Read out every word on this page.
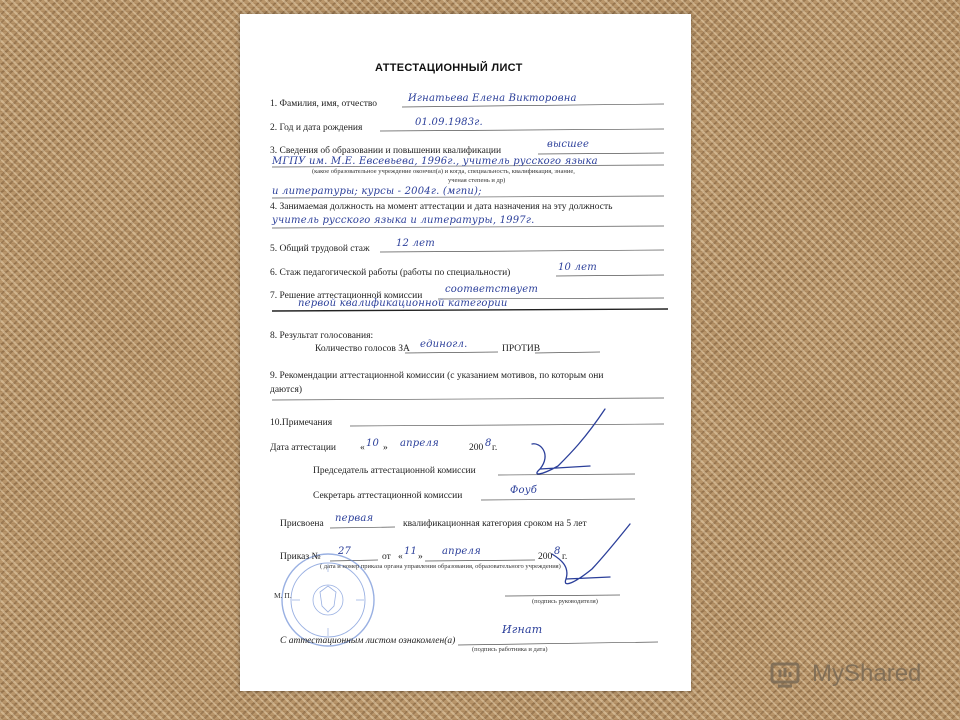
АТТЕСТАЦИОННЫЙ ЛИСТ
1. Фамилия, имя, отчество	Игнатьева Елена Викторовна
2. Год и дата рождения	01.09.1983г.
3. Сведения об образовании и повышении квалификации
высшее
МГПУ им. М.Е. Евсевьева, 1996г., учитель русского языка
(какое образовательное учреждение окончил(а) и когда, специальность, квалификация, знание,
ученая степень и др)
и литературы; курсы - 2004г. (мгпи);
4. Занимаемая должность на момент аттестации и дата назначения на эту должность
учитель русского языка и литературы, 1997г.
5. Общий трудовой стаж	12 лет
6. Стаж педагогической работы (работы по специальности)	10 лет
7. Решение аттестационной комиссии
соответствует
первой квалификационной категории
8. Результат голосования:
Количество голосов ЗА единогл.	ПРОТИВ
9. Рекомендации аттестационной комиссии (с указанием мотивов, по которым они
даются)
10.Примечания
Дата аттестации	« 10 » апреля	200 8 г.
Председатель аттестационной комиссии
Секретарь аттестационной комиссии	Фоуб
Присвоена первая	квалификационная категория сроком на 5 лет
Приказ № 27	от « 11 » апреля	200 8 г.
( дата и номер приказа органа управления образования, образовательного учреждения)
М. П.
(подпись руководителя)
С аттестационным листом ознакомлен(а)
Игнат
(подпись работника и дата)
MyShared
